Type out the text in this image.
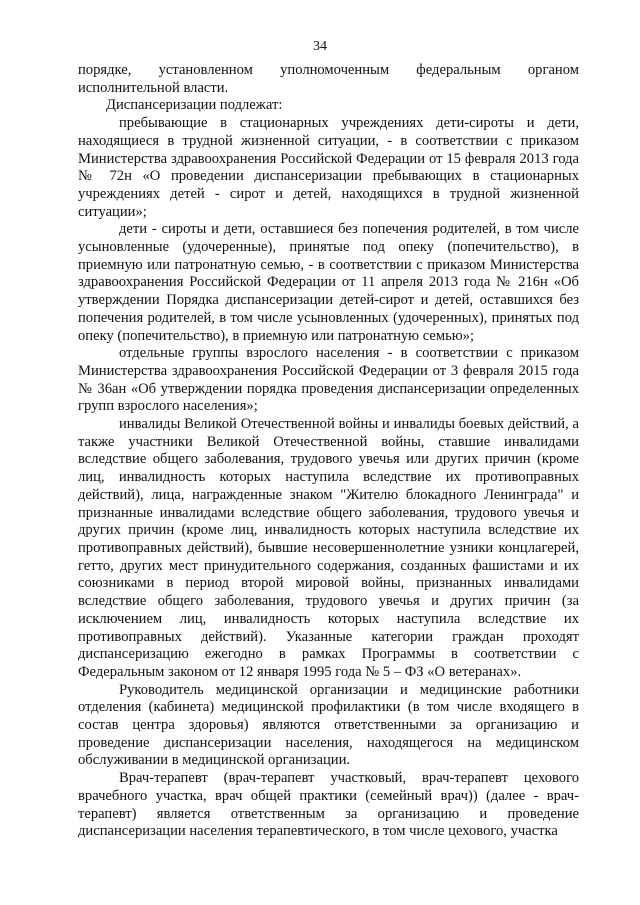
34

порядке, установленном уполномоченным федеральным органом исполнительной власти.

Диспансеризации подлежат:

пребывающие в стационарных учреждениях дети-сироты и дети, находящиеся в трудной жизненной ситуации, - в соответствии с приказом Министерства здравоохранения Российской Федерации от 15 февраля 2013 года № 72н «О проведении диспансеризации пребывающих в стационарных учреждениях детей - сирот и детей, находящихся в трудной жизненной ситуации»;

дети - сироты и дети, оставшиеся без попечения родителей, в том числе усыновленные (удочеренные), принятые под опеку (попечительство), в приемную или патронатную семью, - в соответствии с приказом Министерства здравоохранения Российской Федерации от 11 апреля 2013 года № 216н «Об утверждении Порядка диспансеризации детей-сирот и детей, оставшихся без попечения родителей, в том числе усыновленных (удочеренных), принятых под опеку (попечительство), в приемную или патронатную семью»;

отдельные группы взрослого населения - в соответствии с приказом Министерства здравоохранения Российской Федерации от 3 февраля 2015 года № 36ан «Об утверждении порядка проведения диспансеризации определенных групп взрослого населения»;

инвалиды Великой Отечественной войны и инвалиды боевых действий, а также участники Великой Отечественной войны, ставшие инвалидами вследствие общего заболевания, трудового увечья или других причин (кроме лиц, инвалидность которых наступила вследствие их противоправных действий), лица, награжденные знаком "Жителю блокадного Ленинграда" и признанные инвалидами вследствие общего заболевания, трудового увечья и других причин (кроме лиц, инвалидность которых наступила вследствие их противоправных действий), бывшие несовершеннолетние узники концлагерей, гетто, других мест принудительного содержания, созданных фашистами и их союзниками в период второй мировой войны, признанных инвалидами вследствие общего заболевания, трудового увечья и других причин (за исключением лиц, инвалидность которых наступила вследствие их противоправных действий). Указанные категории граждан проходят диспансеризацию ежегодно в рамках Программы в соответствии с Федеральным законом от 12 января 1995 года № 5 – ФЗ «О ветеранах».

Руководитель медицинской организации и медицинские работники отделения (кабинета) медицинской профилактики (в том числе входящего в состав центра здоровья) являются ответственными за организацию и проведение диспансеризации населения, находящегося на медицинском обслуживании в медицинской организации.

Врач-терапевт (врач-терапевт участковый, врач-терапевт цехового врачебного участка, врач общей практики (семейный врач)) (далее - врач-терапевт) является ответственным за организацию и проведение диспансеризации населения терапевтического, в том числе цехового, участка
